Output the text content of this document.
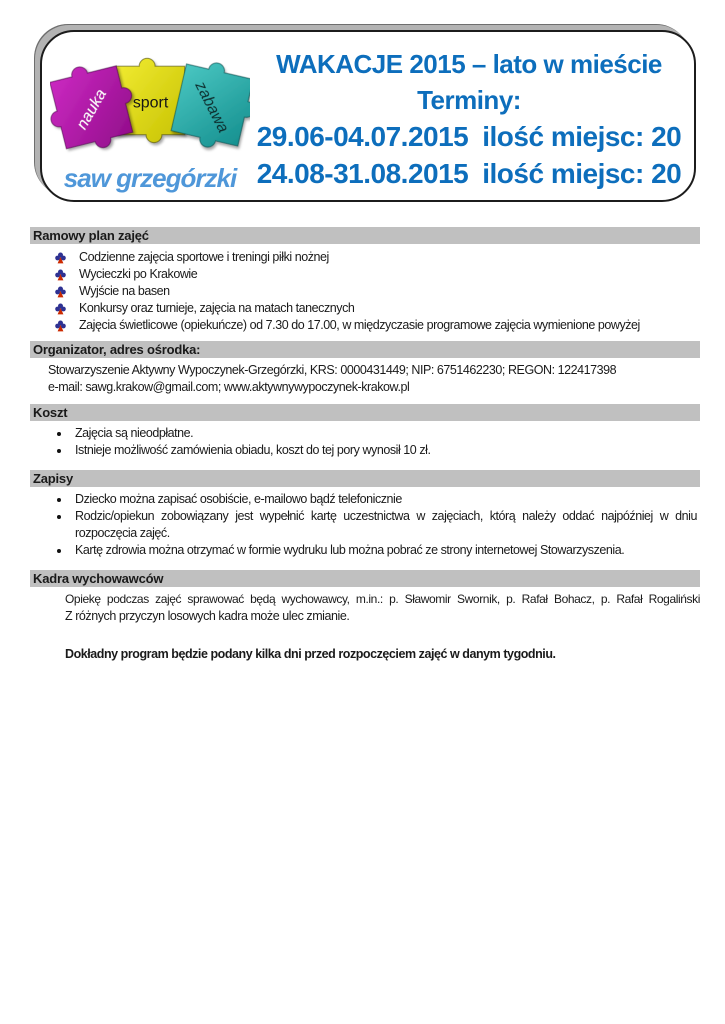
sport
nauka	zabawa
saw grzegórzki
WAKACJE 2015 – lato w mieście
Terminy:
29.06-04.07.2015 ilość miejsc: 20
24.08-31.08.2015 ilość miejsc: 20
Ramowy plan zajęć
Codzienne zajęcia sportowe i treningi piłki nożnej
Wycieczki po Krakowie
Wyjście na basen
Konkursy oraz turnieje, zajęcia na matach tanecznych
Zajęcia świetlicowe (opiekuńcze) od 7.30 do 17.00, w międzyczasie programowe zajęcia wymienione powyżej
Organizator, adres ośrodka:
Stowarzyszenie Aktywny Wypoczynek-Grzegórzki, KRS: 0000431449; NIP: 6751462230; REGON: 122417398
e-mail: sawg.krakow@gmail.com; www.aktywnywypoczynek-krakow.pl
Koszt
Zajęcia są nieodpłatne.
Istnieje możliwość zamówienia obiadu, koszt do tej pory wynosił 10 zł.
Zapisy
Dziecko można zapisać osobiście, e-mailowo bądź telefonicznie
Rodzic/opiekun zobowiązany jest wypełnić kartę uczestnictwa w zajęciach, którą należy oddać najpóźniej w dniu rozpoczęcia zajęć.
Kartę zdrowia można otrzymać w formie wydruku lub można pobrać ze strony internetowej Stowarzyszenia.
Kadra wychowawców
Opiekę podczas zajęć sprawować będą wychowawcy, m.in.: p. Sławomir Swornik, p. Rafał Bohacz, p. Rafał Rogaliński
Z różnych przyczyn losowych kadra może ulec zmianie.
Dokładny program będzie podany kilka dni przed rozpoczęciem zajęć w danym tygodniu.
